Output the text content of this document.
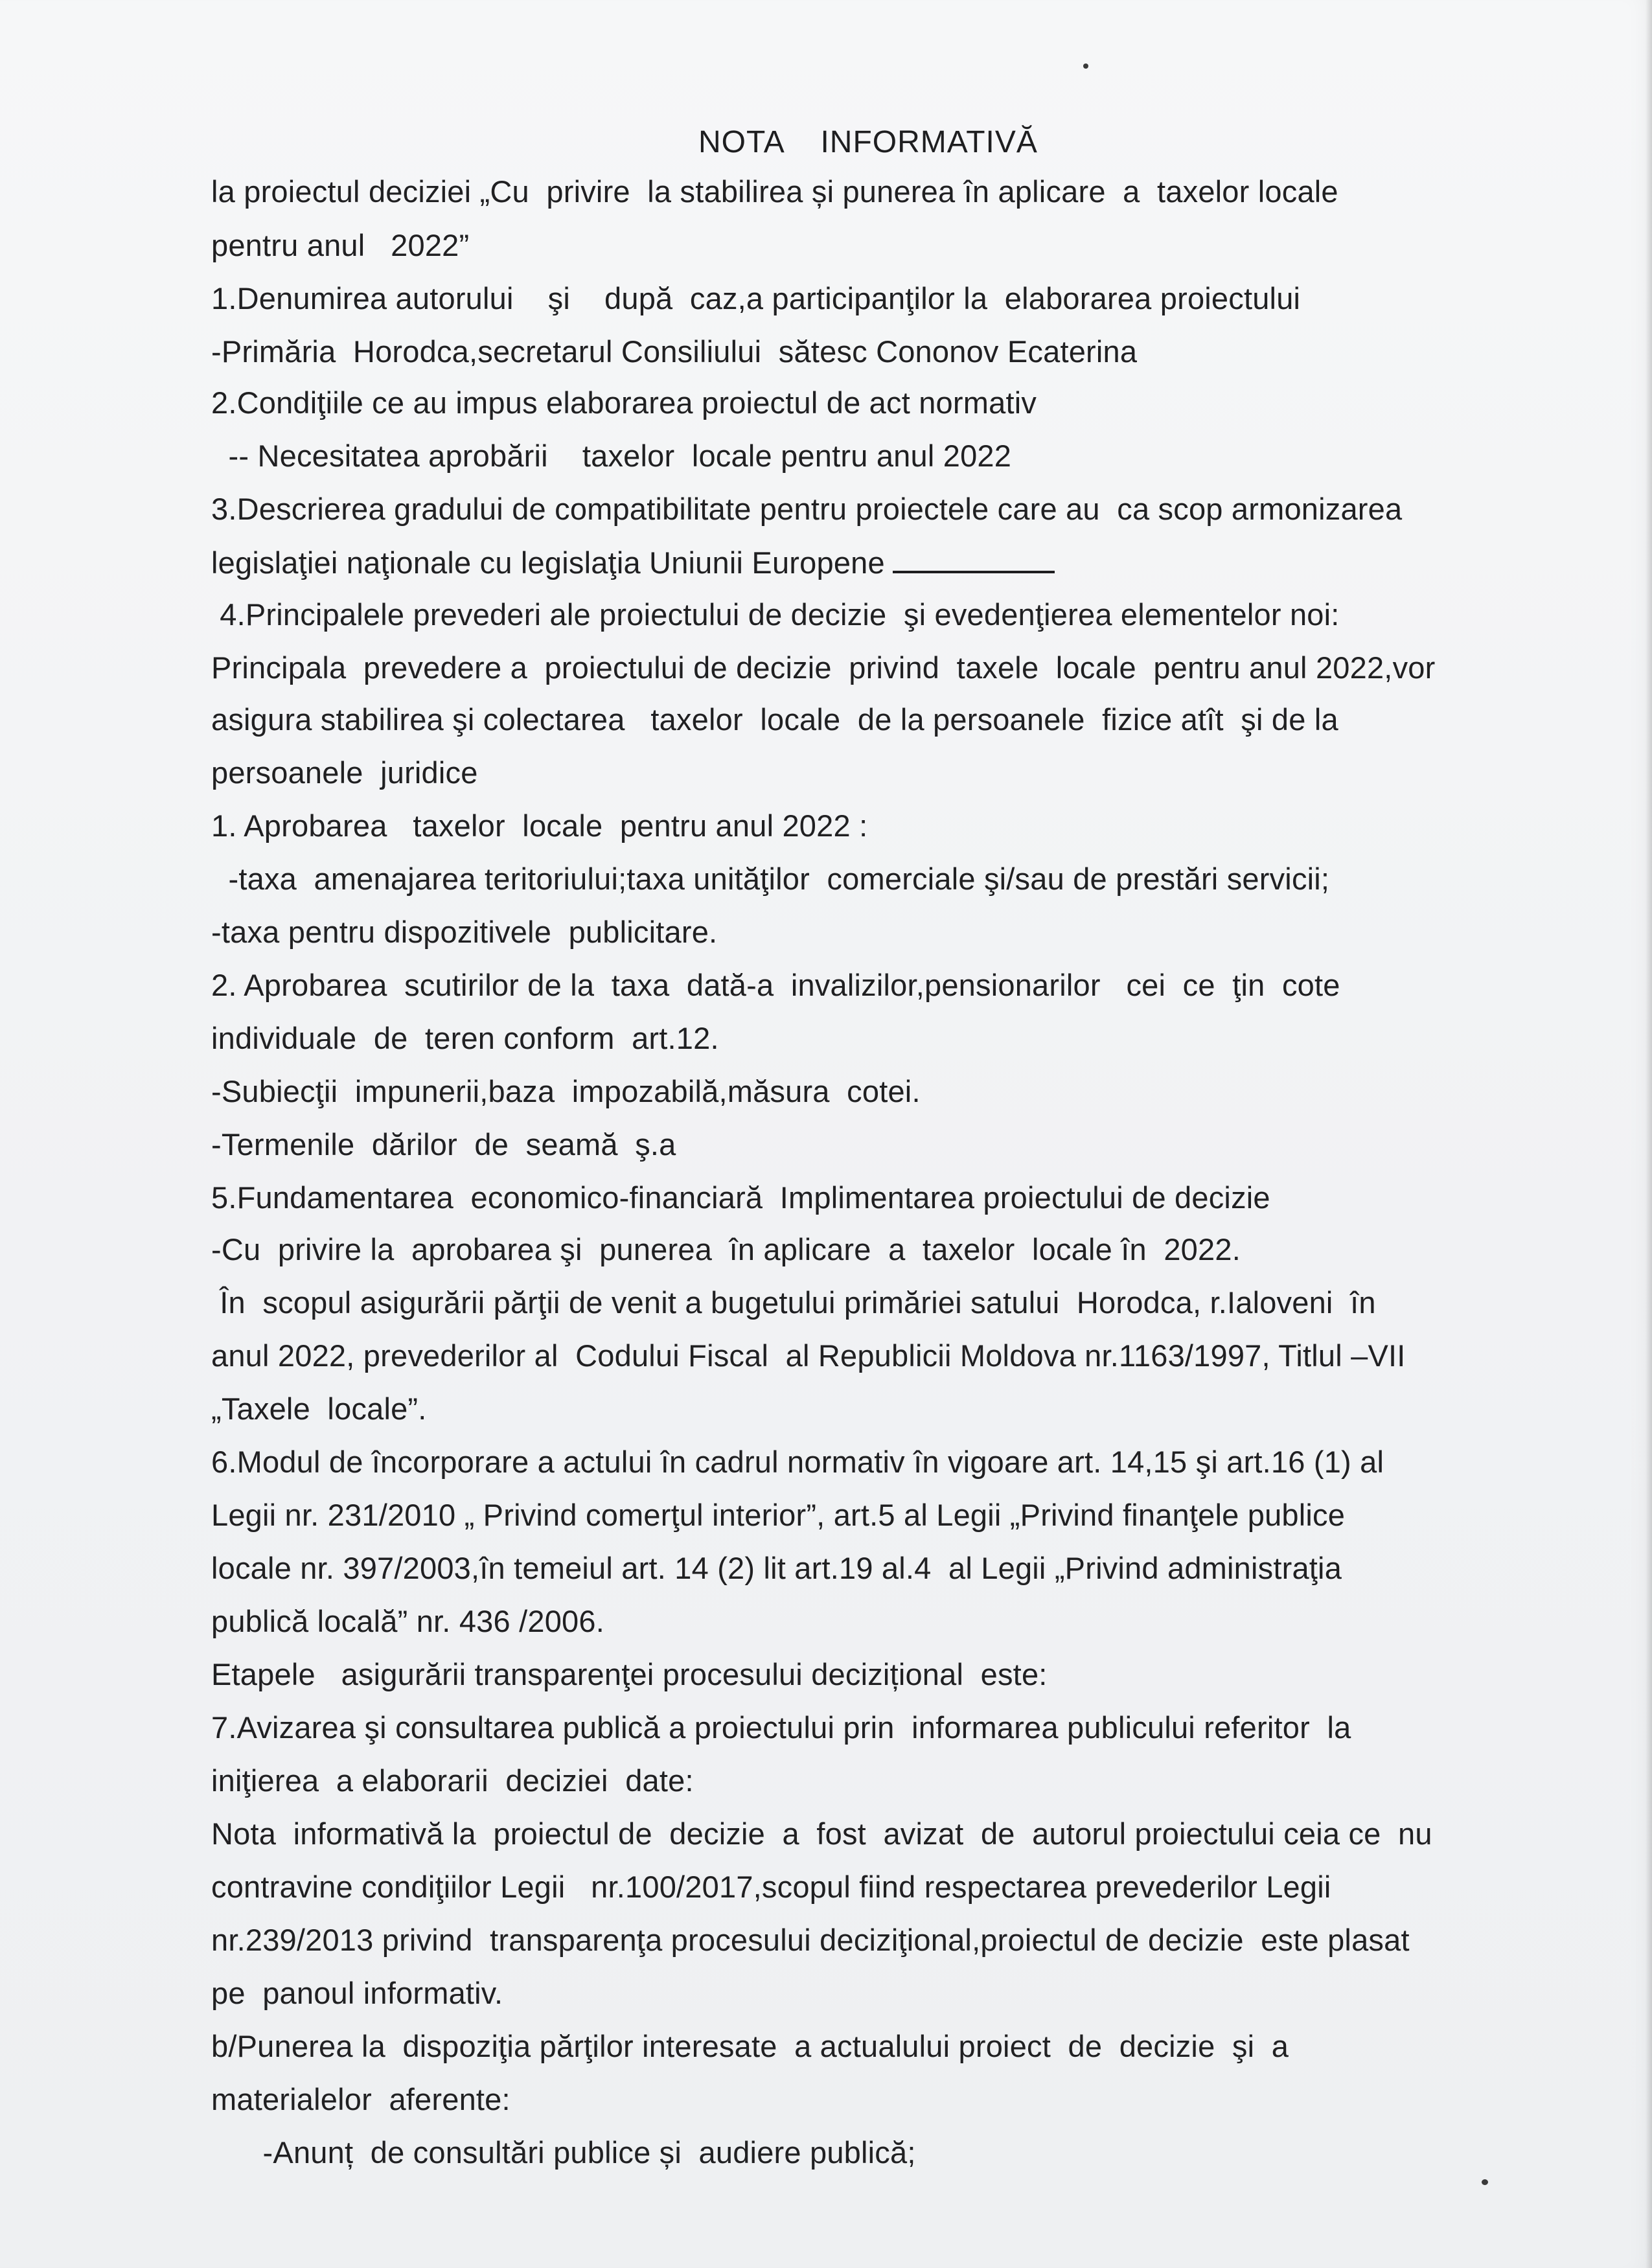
NOTA    INFORMATIVĂ
la proiectul deciziei „Cu  privire  la stabilirea și punerea în aplicare  a  taxelor locale
pentru anul   2022”
1.Denumirea autorului    şi    după  caz,a participanţilor la  elaborarea proiectului
-Primăria  Horodca,secretarul Consiliului  sătesc Cononov Ecaterina
2.Condiţiile ce au impus elaborarea proiectul de act normativ
-- Necesitatea aprobării    taxelor  locale pentru anul 2022
3.Descrierea gradului de compatibilitate pentru proiectele care au  ca scop armonizarea
legislaţiei naţionale cu legislaţia Uniunii Europene
4.Principalele prevederi ale proiectului de decizie  şi evedenţierea elementelor noi:
Principala  prevedere a  proiectului de decizie  privind  taxele  locale  pentru anul 2022,vor
asigura stabilirea şi colectarea   taxelor  locale  de la persoanele  fizice atît  şi de la
persoanele  juridice
1. Aprobarea   taxelor  locale  pentru anul 2022 :
-taxa  amenajarea teritoriului;taxa unităţilor  comerciale şi/sau de prestări servicii;
-taxa pentru dispozitivele  publicitare.
2. Aprobarea  scutirilor de la  taxa  dată-a  invalizilor,pensionarilor   cei  ce  ţin  cote
individuale  de  teren conform  art.12.
-Subiecţii  impunerii,baza  impozabilă,măsura  cotei.
-Termenile  dărilor  de  seamă  ş.a
5.Fundamentarea  economico-financiară  Implimentarea proiectului de decizie
-Cu  privire la  aprobarea şi  punerea  în aplicare  a  taxelor  locale în  2022.
În  scopul asigurării părţii de venit a bugetului primăriei satului  Horodca, r.Ialoveni  în
anul 2022, prevederilor al  Codului Fiscal  al Republicii Moldova nr.1163/1997, Titlul –VII
„Taxele  locale”.
6.Modul de încorporare a actului în cadrul normativ în vigoare art. 14,15 şi art.16 (1) al
Legii nr. 231/2010 „ Privind comerţul interior”, art.5 al Legii „Privind finanţele publice
locale nr. 397/2003,în temeiul art. 14 (2) lit art.19 al.4  al Legii „Privind administraţia
publică locală” nr. 436 /2006.
Etapele   asigurării transparenţei procesului decizițional  este:
7.Avizarea şi consultarea publică a proiectului prin  informarea publicului referitor  la
iniţierea  a elaborarii  deciziei  date:
Nota  informativă la  proiectul de  decizie  a  fost  avizat  de  autorul proiectului ceia ce  nu
contravine condiţiilor Legii   nr.100/2017,scopul fiind respectarea prevederilor Legii
nr.239/2013 privind  transparenţa procesului deciziţional,proiectul de decizie  este plasat
pe  panoul informativ.
b/Punerea la  dispoziţia părţilor interesate  a actualului proiect  de  decizie  şi  a
materialelor  aferente:
-Anunț  de consultări publice și  audiere publică;
